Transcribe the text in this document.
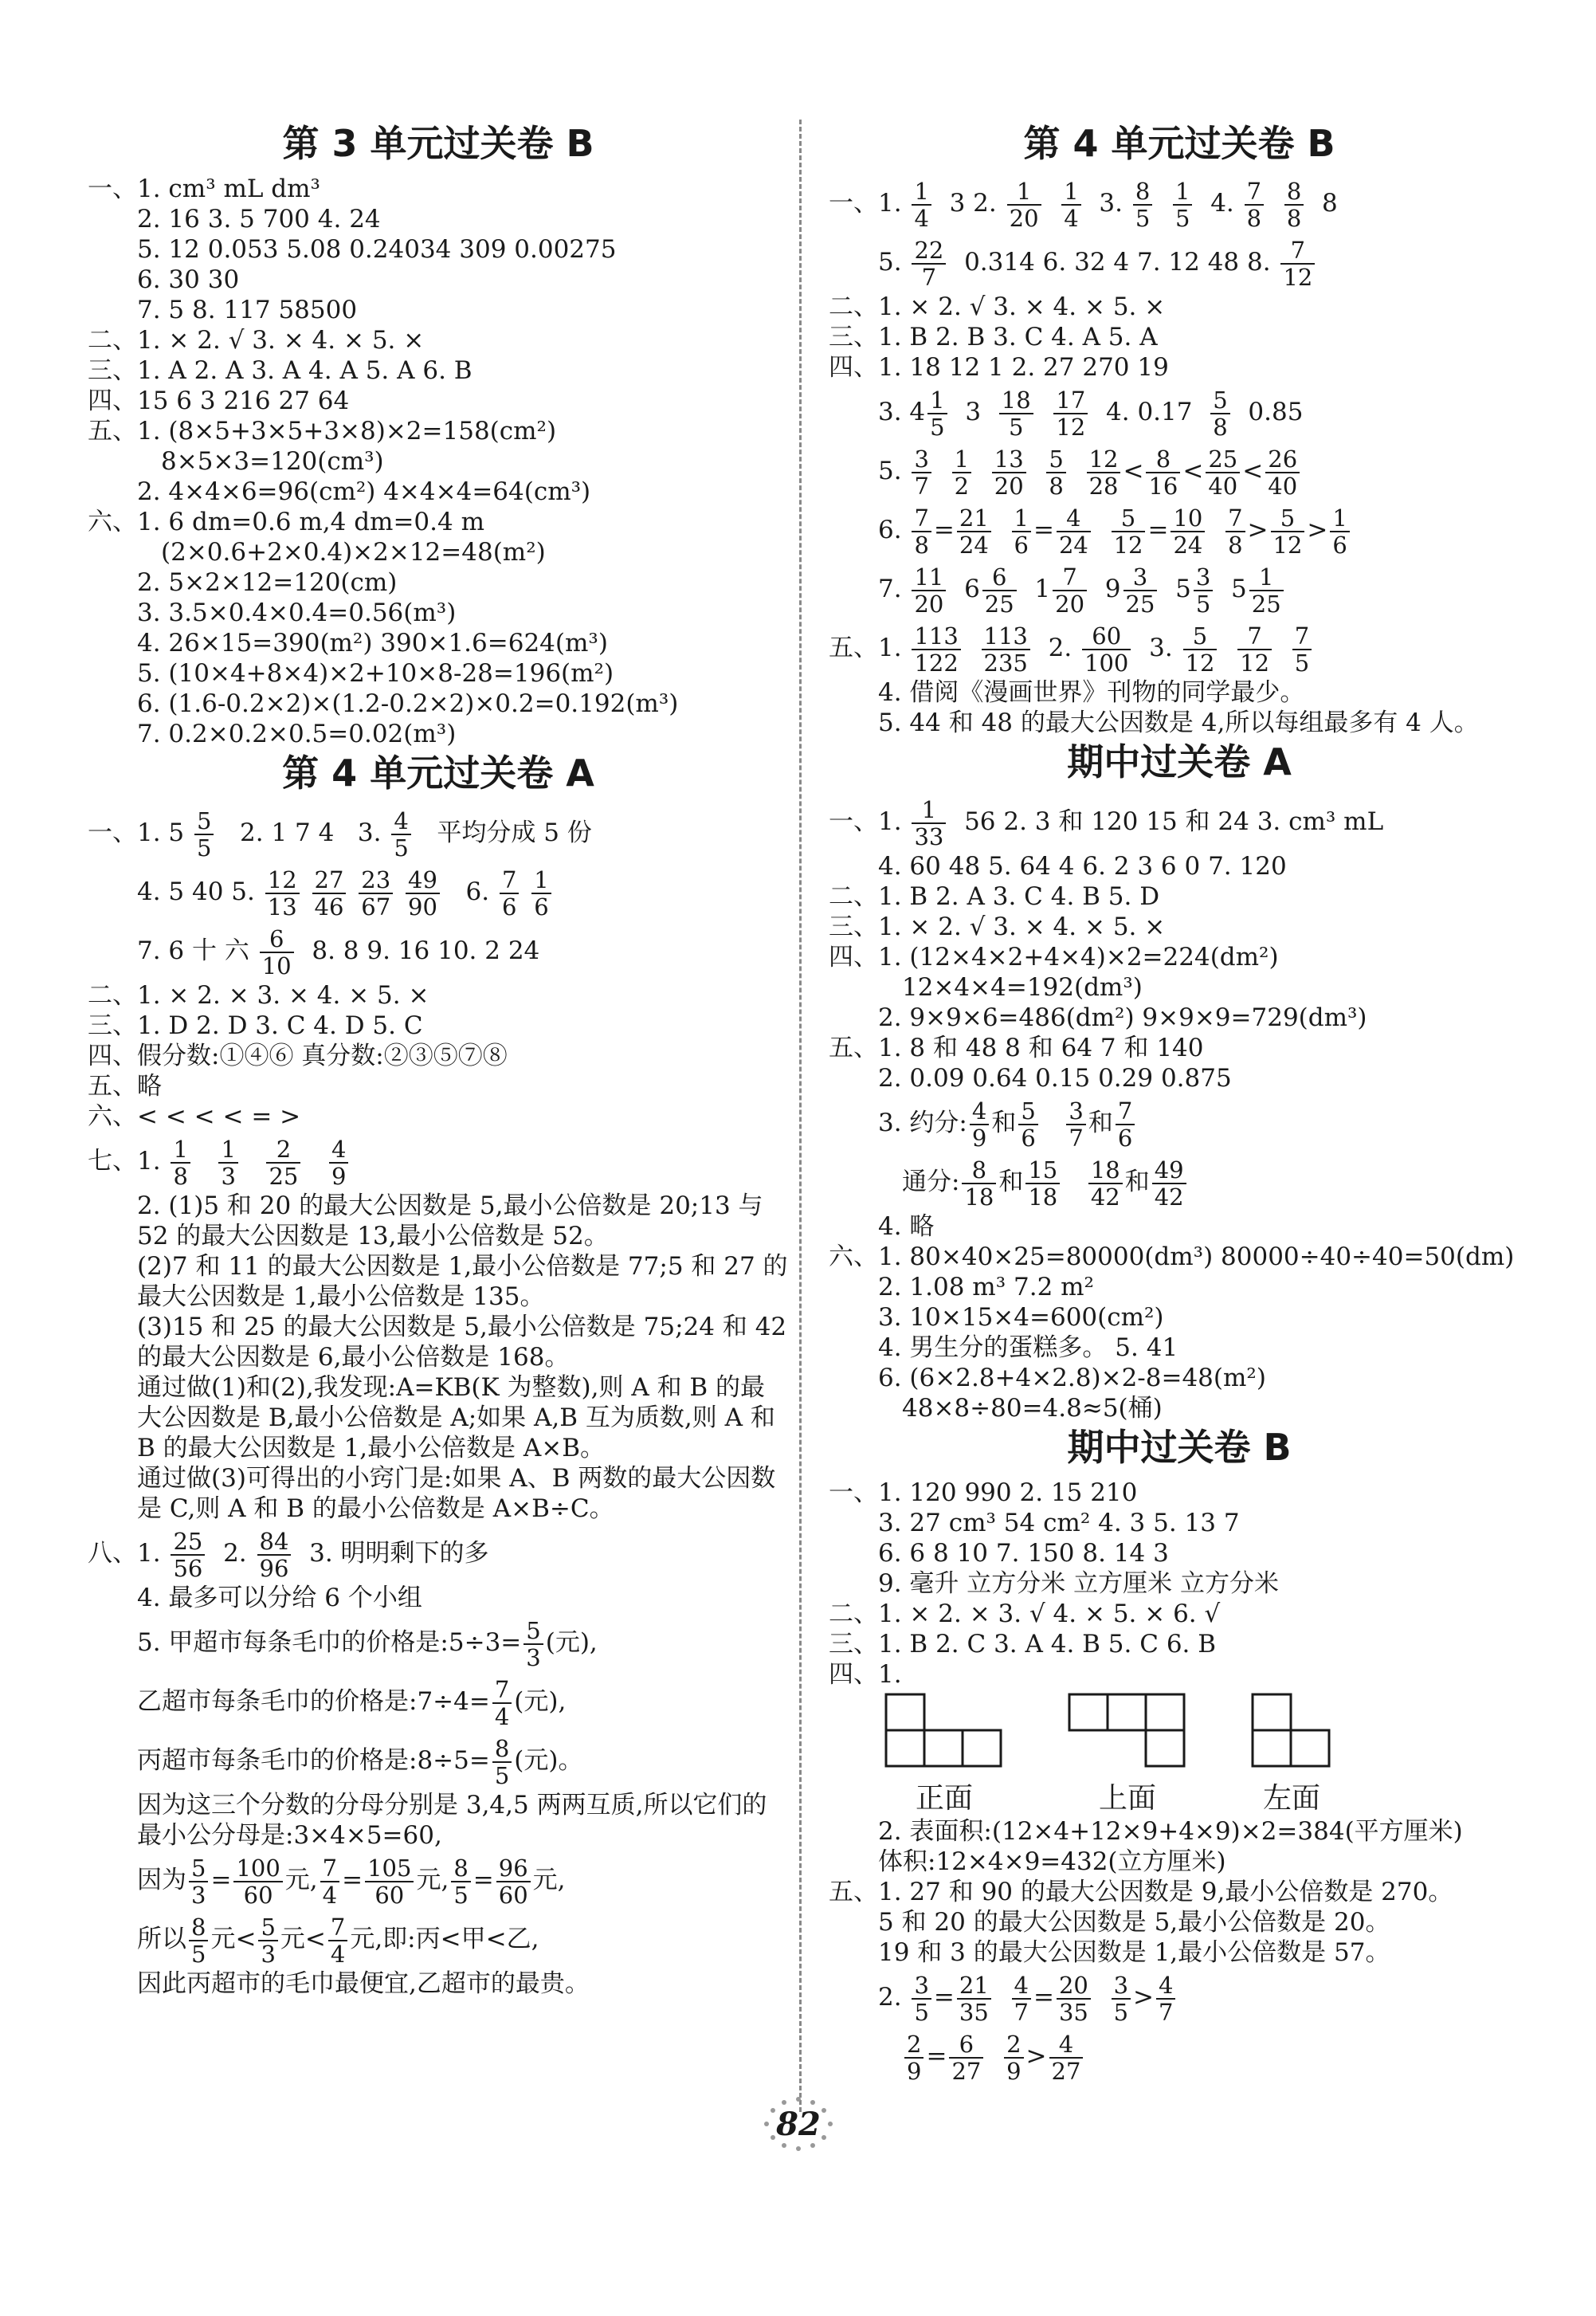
第 3 单元过关卷 B

一、1. cm³ mL dm³

2. 16 3. 5 700 4. 24

5. 12 0.053 5.08 0.24034 309 0.00275

6. 30 30

7. 5 8. 117 58500

二、1. × 2. √ 3. × 4. × 5. ×

三、1. A 2. A 3. A 4. A 5. A 6. B

四、15 6 3 216 27 64

五、1. (8×5+3×5+3×8)×2=158(cm²)

8×5×3=120(cm³)

2. 4×4×6=96(cm²) 4×4×4=64(cm³)

六、1. 6 dm=0.6 m,4 dm=0.4 m

(2×0.6+2×0.4)×2×12=48(m²)

2. 5×2×12=120(cm)

3. 3.5×0.4×0.4=0.56(m³)

4. 26×15=390(m²) 390×1.6=624(m³)

5. (10×4+8×4)×2+10×8-28=196(m²)

6. (1.6-0.2×2)×(1.2-0.2×2)×0.2=0.192(m³)

7. 0.2×0.2×0.5=0.02(m³)

第 4 单元过关卷 A

一、1. $5 \frac{5}{5} 2$. 1 7 4 3. $\frac{4}{5}$ 平均分成 5 份

4. 5 40 5. $\frac{12}{13}$
$\frac{27}{46}$
$\frac{23}{67}$
$\frac{49}{90} 6$. $\frac{7}{6}$
$\frac{1}{6}$

7. 6 十 六 $\frac{6}{10} 8$. 8 9. 16 10. 2 24

二、1. × 2. × 3. × 4. × 5. ×

三、1. D 2. D 3. C 4. D 5. C

四、假分数:①④⑥ 真分数:②③⑤⑦⑧

五、略

六、< < < < = >

七、1. $\frac{1}{8}$
$\frac{1}{3}$
$\frac{2}{25}$
$\frac{4}{9}$

2. (1)5 和 20 的最大公因数是 5,最小公倍数是 20;13 与 52 的最大公因数是 13,最小公倍数是 52。

(2)7 和 11 的最大公因数是 1,最小公倍数是 77;5 和 27 的最大公因数是 1,最小公倍数是 135。

(3)15 和 25 的最大公因数是 5,最小公倍数是 75;24 和 42 的最大公因数是 6,最小公倍数是 168。

通过做(1)和(2),我发现:A=KB(K 为整数),则 A 和 B 的最大公因数是 B,最小公倍数是 A;如果 A,B 互为质数,则 A 和 B 的最大公因数是 1,最小公倍数是 A×B。

通过做(3)可得出的小窍门是:如果 A、B 两数的最大公因数是 C,则 A 和 B 的最小公倍数是 A×B÷C。

八、1. $\frac{25}{56} 2$. $\frac{84}{96} 3$. 明明剩下的多

4. 最多可以分给 6 个小组

5. 甲超市每条毛巾的价格是:5÷3= $\frac{5}{3}$ (元),

乙超市每条毛巾的价格是:7÷4= $\frac{7}{4}$ (元),

丙超市每条毛巾的价格是:8÷5= $\frac{8}{5}$ (元)。

因为这三个分数的分母分别是 3,4,5 两两互质,所以它们的最小公分母是:3×4×5=60,

因为 $\frac{5}{3} = \frac{100}{60}$ 元, $\frac{7}{4} = \frac{105}{60}$ 元, $\frac{8}{5} = \frac{96}{60}$ 元,

所以 $\frac{8}{5}$ 元< $\frac{5}{3}$ 元< $\frac{7}{4}$ 元,即:丙<甲<乙,

因此丙超市的毛巾最便宜,乙超市的最贵。

第 4 单元过关卷 B

一、1. $\frac{1}{4} 3$ 2. $\frac{1}{20}$
$\frac{1}{4} 3$. $\frac{8}{5}$
$\frac{1}{5} 4$. $\frac{7}{8}$
$\frac{8}{8} 8$

5. $\frac{22}{7} 0.314$ 6. 32 4 7. 12 48 8. $\frac{7}{12}$

二、1. × 2. √ 3. × 4. × 5. ×

三、1. B 2. B 3. C 4. A 5. A

四、1. 18 12 1 2. 27 270 19

3. $4 \frac{1}{5} 3 \frac{18}{5}$
$\frac{17}{12} 4$. $0.17 \frac{5}{8} 0.85$

5. $\frac{3}{7}$
$\frac{1}{2}$
$\frac{13}{20}$
$\frac{5}{8}$
$\frac{12}{28} < \frac{8}{16} < \frac{25}{40} < \frac{26}{40}$

6. $\frac{7}{8} = \frac{21}{24}$
$\frac{1}{6} = \frac{4}{24}$
$\frac{5}{12} = \frac{10}{24}$
$\frac{7}{8} > \frac{5}{12} > \frac{1}{6}$

7. $\frac{11}{20} 6 \frac{6}{25} 1 \frac{7}{20} 9 \frac{3}{25} 5 \frac{3}{5} 5 \frac{1}{25}$

五、1. $\frac{113}{122}$
$\frac{113}{235} 2$. $\frac{60}{100} 3$. $\frac{5}{12}$
$\frac{7}{12}$
$\frac{7}{5}$

4. 借阅《漫画世界》刊物的同学最少。

5. 44 和 48 的最大公因数是 4,所以每组最多有 4 人。

期中过关卷 A

一、1. $\frac{1}{33} 56$ 2. 3 和 120 15 和 24 3. cm³ mL

4. 60 48 5. 64 4 6. 2 3 6 0 7. 120

二、1. B 2. A 3. C 4. B 5. D

三、1. × 2. √ 3. × 4. × 5. ×

四、1. (12×4×2+4×4)×2=224(dm²)

12×4×4=192(dm³)

2. 9×9×6=486(dm²) 9×9×9=729(dm³)

五、1. 8 和 48 8 和 64 7 和 140

2. 0.09 0.64 0.15 0.29 0.875

3. 约分: $\frac{4}{9}$ 和 $\frac{5}{6}$
$\frac{3}{7}$ 和 $\frac{7}{6}$

通分: $\frac{8}{18}$ 和 $\frac{15}{18}$
$\frac{18}{42}$ 和 $\frac{49}{42}$

4. 略

六、1. 80×40×25=80000(dm³) 80000÷40÷40=50(dm)

2. 1.08 m³ 7.2 m²

3. 10×15×4=600(cm²)

4. 男生分的蛋糕多。 5. 41

6. (6×2.8+4×2.8)×2-8=48(m²)

48×8÷80=4.8≈5(桶)

期中过关卷 B

一、1. 120 990 2. 15 210

3. 27 cm³ 54 cm² 4. 3 5. 13 7

6. 6 8 10 7. 150 8. 14 3

9. 毫升 立方分米 立方厘米 立方分米

二、1. × 2. × 3. √ 4. × 5. × 6. √

三、1. B 2. C 3. A 4. B 5. C 6. B

四、1.

正面	上面	左面

2. 表面积:(12×4+12×9+4×9)×2=384(平方厘米)

体积:12×4×9=432(立方厘米)

五、1. 27 和 90 的最大公因数是 9,最小公倍数是 270。

5 和 20 的最大公因数是 5,最小公倍数是 20。

19 和 3 的最大公因数是 1,最小公倍数是 57。

2. $\frac{3}{5} = \frac{21}{35}$
$\frac{4}{7} = \frac{20}{35}$
$\frac{3}{5} > \frac{4}{7}$

$\frac{2}{9} = \frac{6}{27}$
$\frac{2}{9} > \frac{4}{27}$

82
